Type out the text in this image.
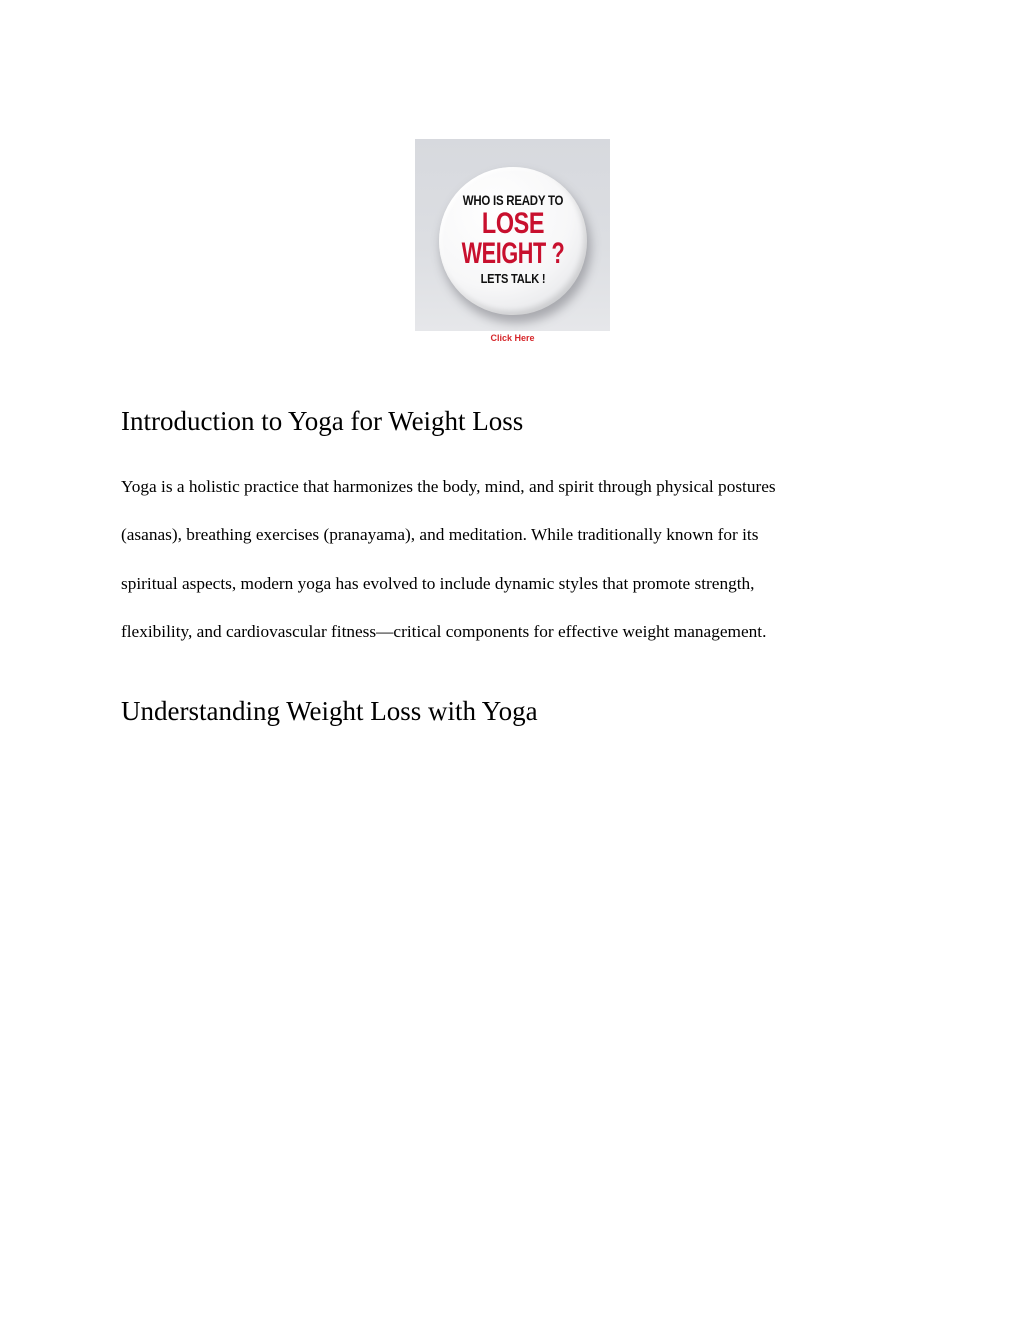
WHO IS READY TO
LOSE
WEIGHT ?
LETS TALK !
Click Here
Introduction to Yoga for Weight Loss

Yoga is a holistic practice that harmonizes the body, mind, and spirit through physical postures

(asanas), breathing exercises (pranayama), and meditation. While traditionally known for its

spiritual aspects, modern yoga has evolved to include dynamic styles that promote strength,

flexibility, and cardiovascular fitness—critical components for effective weight management.

Understanding Weight Loss with Yoga
